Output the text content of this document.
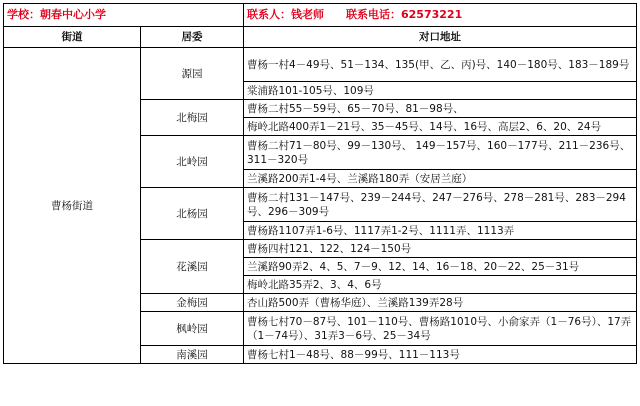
学校：朝春中心小学		联系人：钱老师　　联系电话：62573221
街道	居委	对口地址
曹杨街道	源园	曹杨一村4－49号、51－134、135(甲、乙、丙)号、140－180号、183－189号
		棠浦路101-105号、109号
	北梅园	曹杨二村55－59号、65－70号、81－98号、
		梅岭北路400弄1－21号、35－45号、14号、16号、高层2、6、20、24号
	北岭园	曹杨二村71－80号、99－130号、 149－157号、160－177号、211－236号、311－320号
		兰溪路200弄1-4号、兰溪路180弄（安居兰庭）
	北杨园	曹杨二村131－147号、239－244号、247－276号、278－281号、283－294号、296－309号
		曹杨路1107弄1-6号、1117弄1-2号、1111弄、1113弄
	花溪园	曹杨四村121、122、124－150号
		兰溪路90弄2、4、5、7－9、12、14、16－18、20－22、25－31号
		梅岭北路35弄2、3、4、6号
	金梅园	杏山路500弄（曹杨华庭）、兰溪路139弄28号
	枫岭园	曹杨七村70－87号、101－110号、曹杨路1010号、小俞家弄（1－76号）、17弄（1－74号）、31弄3－6号、25－34号
	南溪园	曹杨七村1－48号、88－99号、111－113号
